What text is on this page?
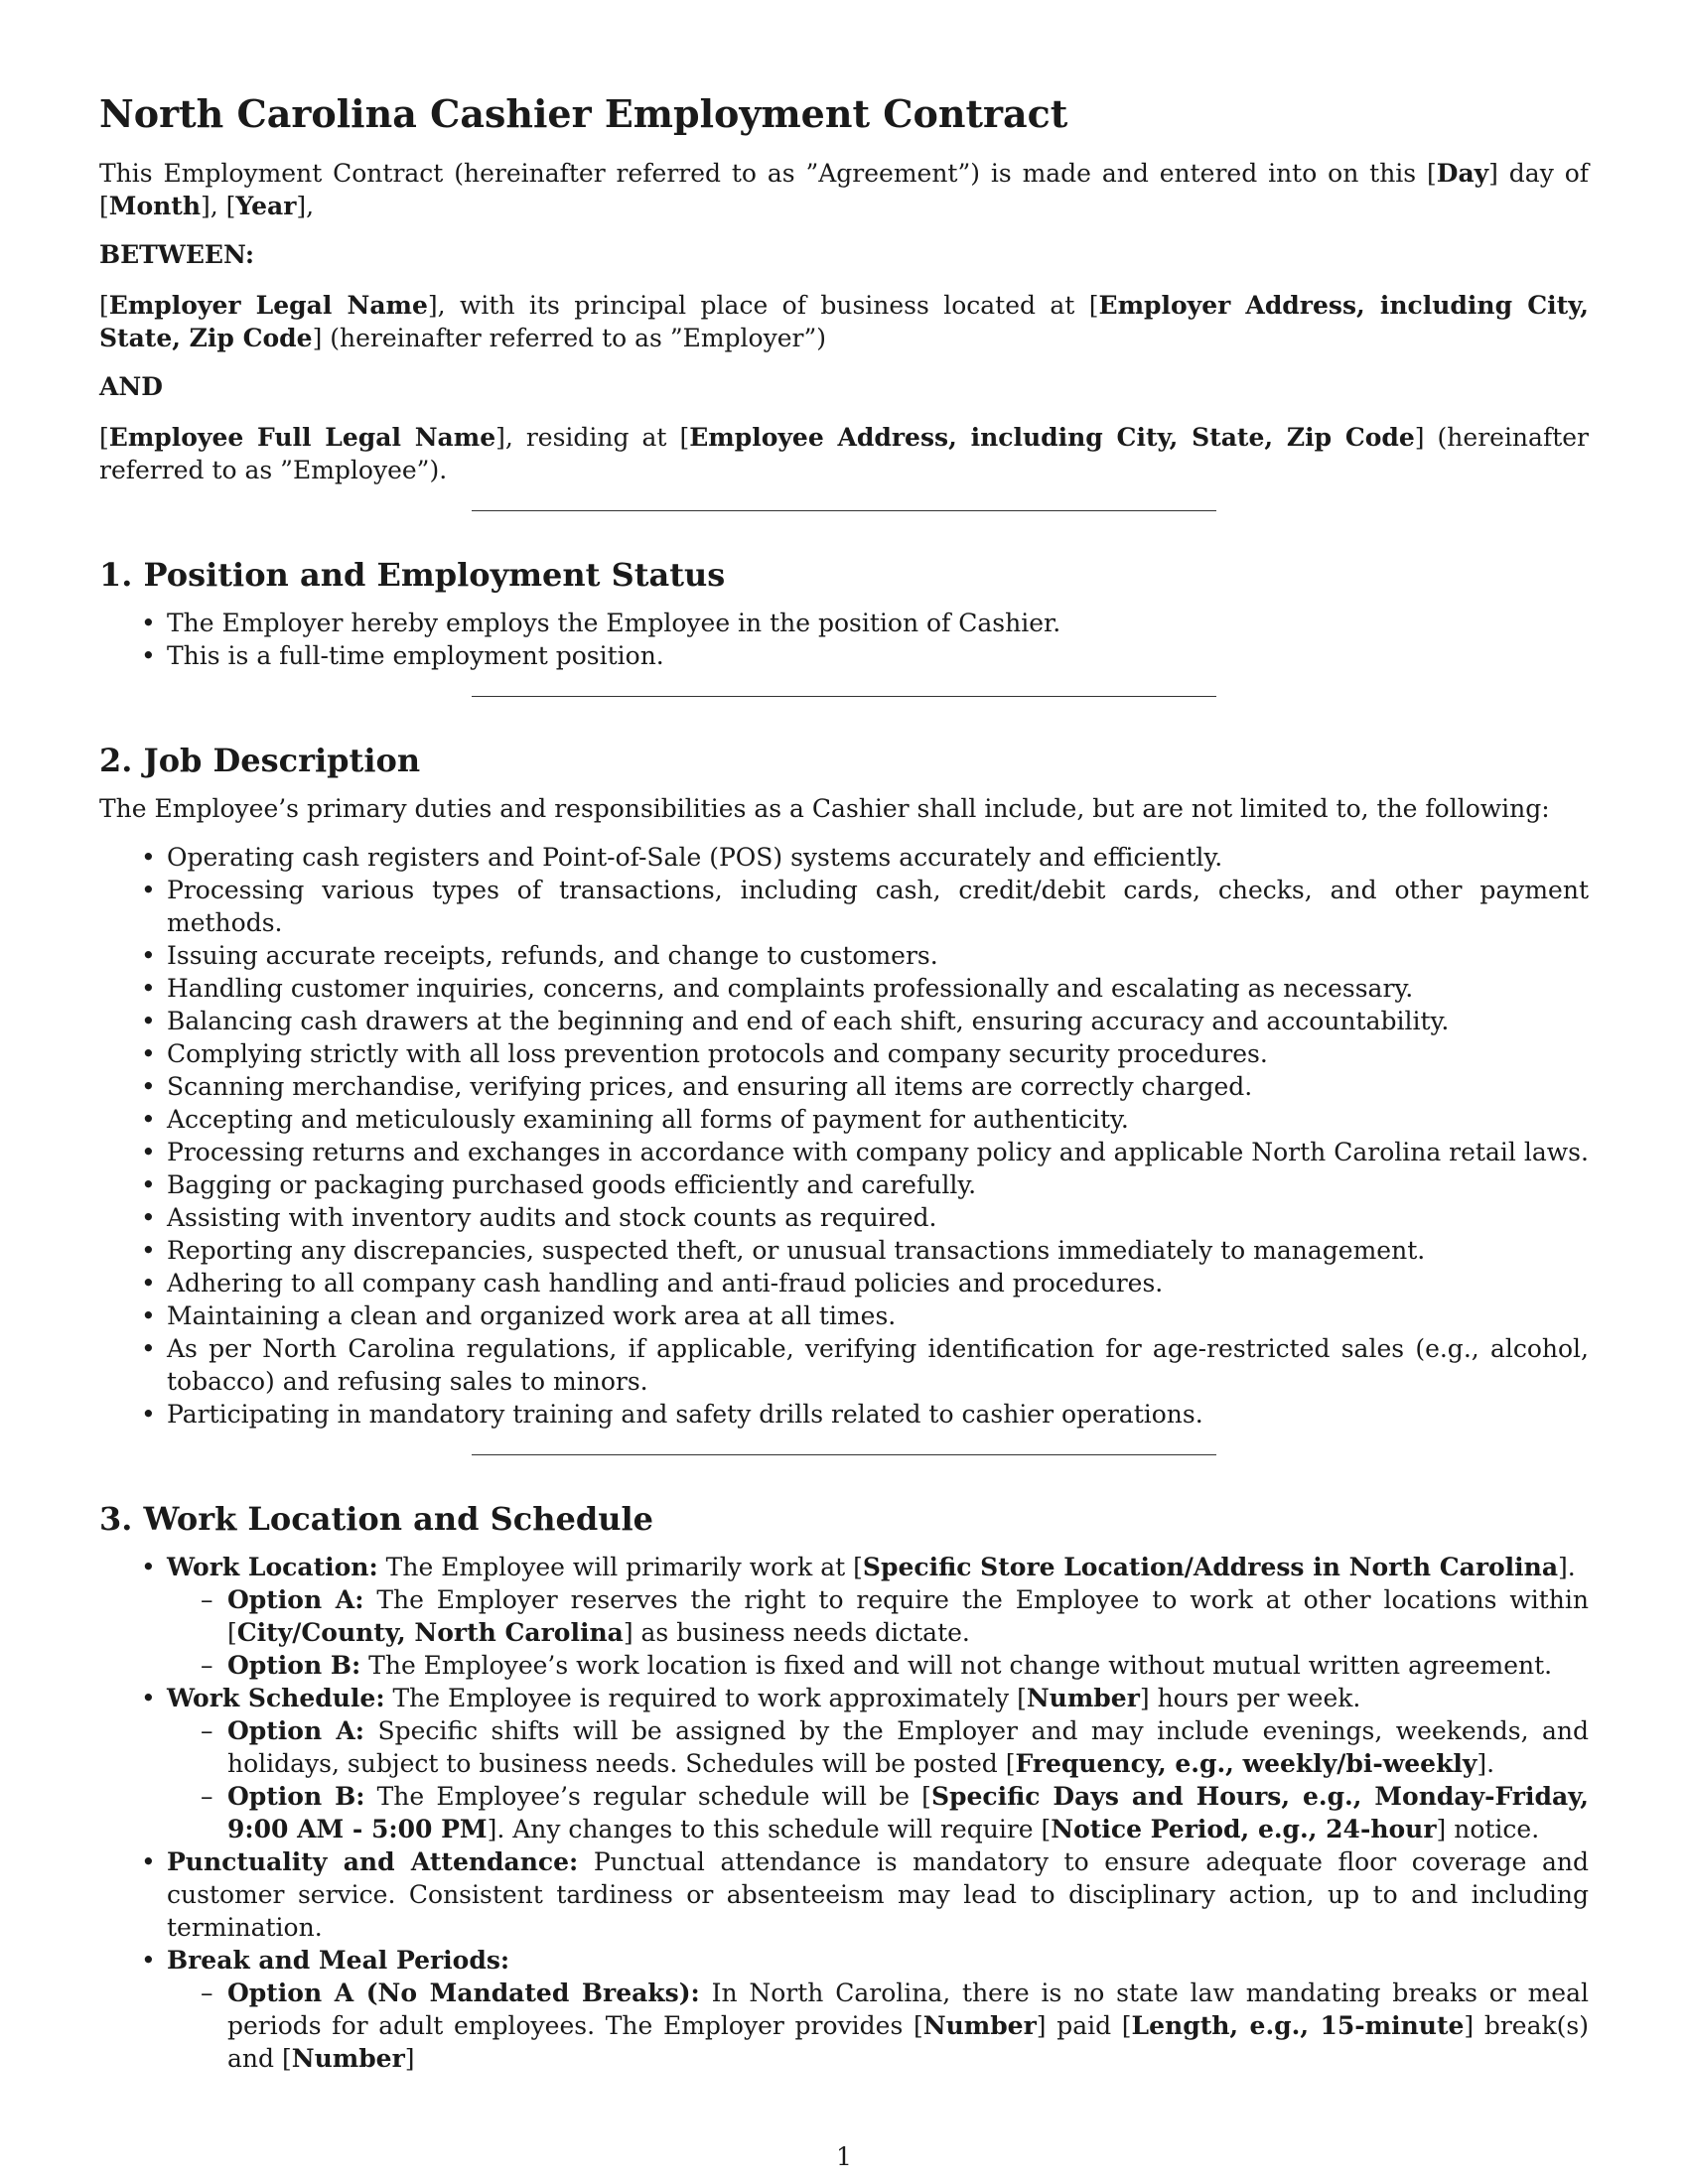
North Carolina Cashier Employment Contract

This Employment Contract (hereinafter referred to as ”Agreement”) is made and entered into on this [Day] day of [Month], [Year],

BETWEEN:

[Employer Legal Name], with its principal place of business located at [Employer Address, including City, State, Zip Code] (hereinafter referred to as ”Employer”)

AND

[Employee Full Legal Name], residing at [Employee Address, including City, State, Zip Code] (hereinafter referred to as ”Employee”).

1. Position and Employment Status
• The Employer hereby employs the Employee in the position of Cashier.
• This is a full-time employment position.
2. Job Description

The Employee’s primary duties and responsibilities as a Cashier shall include, but are not limited to, the following:

• Operating cash registers and Point-of-Sale (POS) systems accurately and efficiently.
• Processing various types of transactions, including cash, credit/debit cards, checks, and other payment methods.
• Issuing accurate receipts, refunds, and change to customers.
• Handling customer inquiries, concerns, and complaints professionally and escalating as necessary.
• Balancing cash drawers at the beginning and end of each shift, ensuring accuracy and accountability.
• Complying strictly with all loss prevention protocols and company security procedures.
• Scanning merchandise, verifying prices, and ensuring all items are correctly charged.
• Accepting and meticulously examining all forms of payment for authenticity.
• Processing returns and exchanges in accordance with company policy and applicable North Carolina retail laws.
• Bagging or packaging purchased goods efficiently and carefully.
• Assisting with inventory audits and stock counts as required.
• Reporting any discrepancies, suspected theft, or unusual transactions immediately to management.
• Adhering to all company cash handling and anti-fraud policies and procedures.
• Maintaining a clean and organized work area at all times.
• As per North Carolina regulations, if applicable, verifying identification for age-restricted sales (e.g., alcohol, tobacco) and refusing sales to minors.
• Participating in mandatory training and safety drills related to cashier operations.
3. Work Location and Schedule
• Work Location: The Employee will primarily work at [Specific Store Location/Address in North Carolina].
– Option A: The Employer reserves the right to require the Employee to work at other locations within [City/County, North Carolina] as business needs dictate.
– Option B: The Employee’s work location is fixed and will not change without mutual written agreement.
• Work Schedule: The Employee is required to work approximately [Number] hours per week.
– Option A: Specific shifts will be assigned by the Employer and may include evenings, weekends, and holidays, subject to business needs. Schedules will be posted [Frequency, e.g., weekly/bi-weekly].
– Option B: The Employee’s regular schedule will be [Specific Days and Hours, e.g., Monday-Friday, 9:00 AM - 5:00 PM]. Any changes to this schedule will require [Notice Period, e.g., 24-hour] notice.
• Punctuality and Attendance: Punctual attendance is mandatory to ensure adequate floor coverage and customer service. Consistent tardiness or absenteeism may lead to disciplinary action, up to and including termination.
• Break and Meal Periods:
– Option A (No Mandated Breaks): In North Carolina, there is no state law mandating breaks or meal periods for adult employees. The Employer provides [Number] paid [Length, e.g., 15-minute] break(s) and [Number]
1
